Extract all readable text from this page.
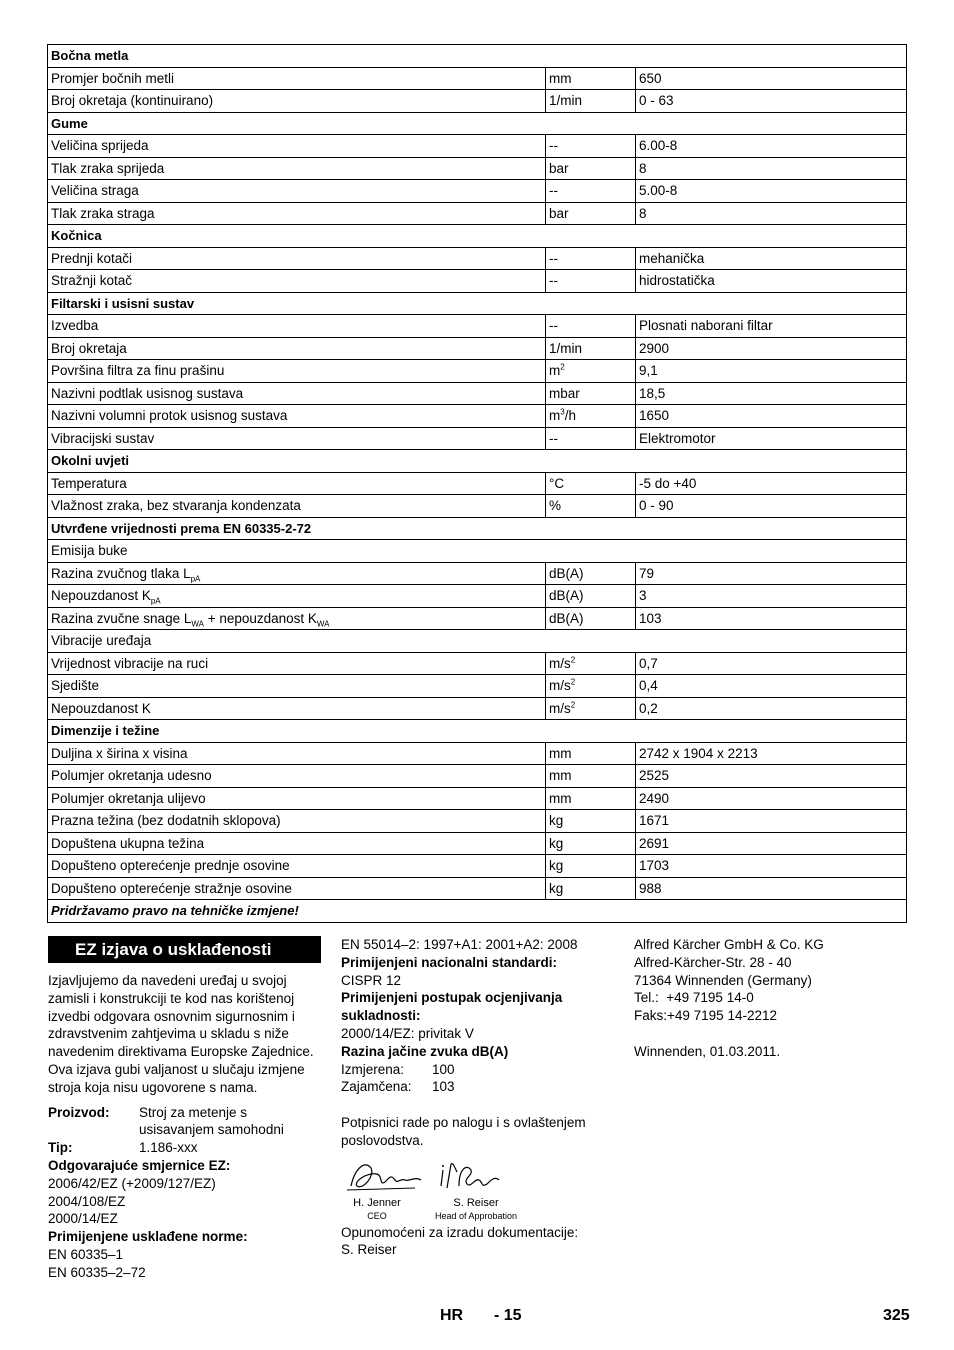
Bočna metla		
Promjer bočnih metli	mm	650
Broj okretaja (kontinuirano)	1/min	0 - 63
Gume		
Veličina sprijeda	--	6.00-8
Tlak zraka sprijeda	bar	8
Veličina straga	--	5.00-8
Tlak zraka straga	bar	8
Kočnica		
Prednji kotači	--	mehanička
Stražnji kotač	--	hidrostatička
Filtarski i usisni sustav		
Izvedba	--	Plosnati naborani filtar
Broj okretaja	1/min	2900
Površina filtra za finu prašinu	$m^2$	9,1
Nazivni podtlak usisnog sustava	mbar	18,5
Nazivni volumni protok usisnog sustava	$m^3/h$	1650
Vibracijski sustav	--	Elektromotor
Okolni uvjeti		
Temperatura	°C	-5 do +40
Vlažnost zraka, bez stvaranja kondenzata	%	0 - 90
Utvrđene vrijednosti prema EN 60335-2-72		
Emisija buke		
Razina zvučnog tlaka $L_{pA}$	dB(A)	79
Nepouzdanost $K_{pA}$	dB(A)	3
Razina zvučne snage $L_{WA}$ + nepouzdanost $K_{WA}$	dB(A)	103
Vibracije uređaja		
Vrijednost vibracije na ruci	$m/s^2$	0,7
Sjedište	$m/s^2$	0,4
Nepouzdanost K	$m/s^2$	0,2
Dimenzije i težine		
Duljina x širina x visina	mm	2742 x 1904 x 2213
Polumjer okretanja udesno	mm	2525
Polumjer okretanja ulijevo	mm	2490
Prazna težina (bez dodatnih sklopova)	kg	1671
Dopuštena ukupna težina	kg	2691
Dopušteno opterećenje prednje osovine	kg	1703
Dopušteno opterećenje stražnje osovine	kg	988
Pridržavamo pravo na tehničke izmjene!		
EZ izjava o usklađenosti
Izjavljujemo da navedeni uređaj u svojoj zamisli i konstrukciji te kod nas korištenoj izvedbi odgovara osnovnim sigurnosnim i zdravstvenim zahtjevima u skladu s niže navedenim direktivama Europske Zajednice. Ova izjava gubi valjanost u slučaju izmjene stroja koja nisu ugovorene s nama.
Proizvod:	Stroj za metenje s usisavanjem samohodni
Tip:	1.186-xxx
Odgovarajuće smjernice EZ:
2006/42/EZ (+2009/127/EZ)
2004/108/EZ
2000/14/EZ
Primijenjene usklađene norme:
EN 60335–1
EN 60335–2–72
EN 55014–2: 1997+A1: 2001+A2: 2008
Primijenjeni nacionalni standardi:
CISPR 12
Primijenjeni postupak ocjenjivanja sukladnosti:
2000/14/EZ: privitak V
Razina jačine zvuka dB(A)
Izmjerena:	100
Zajamčena:	103
Potpisnici rade po nalogu i s ovlaštenjem poslovodstva.
H. Jenner
CEO
S. Reiser
Head of Approbation
Opunomoćeni za izradu dokumentacije:
S. Reiser
Alfred Kärcher GmbH & Co. KG
Alfred-Kärcher-Str. 28 - 40
71364 Winnenden (Germany)
Tel.:  +49 7195 14-0
Faks:+49 7195 14-2212
Winnenden, 01.03.2011.
HR - 15	325
